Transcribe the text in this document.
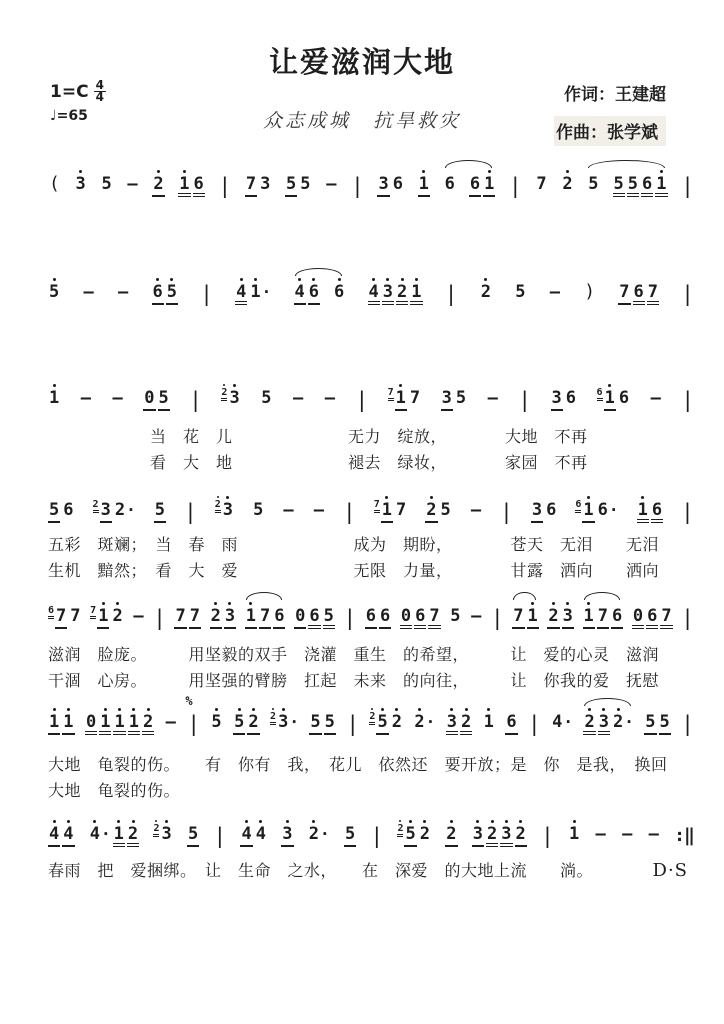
让爱滋润大地
$1=C \frac{4}{4}$
♩=65	众志成城　抗旱救灾
作词：王建超
作曲：张学斌
( 3 5 – 2 1 6 | 7 3 5 5 – | 3 6 1 6 6 1 | 7 2 5 5 5 6 1 |
5 – – 6 5 | 4 1 · 4 6 6 4 3 2 1 | 2 5 – ) 7 6 7 |
1 – – 0 5 | 2 3 5 – – | 7 1 7 3 5 – | 3 6 6 1 6 – |
5 6 2 3 2 · 5 | 2 3 5 – – | 7 1 7 2 5 – | 3 6 6 1 6 · 1 6 |
6 7 7 7 1 2 – | 7 7 2 3 1 7 6 0 6 5 | 6 6 0 6 7 5 – | 7 1 2 3 1 7 6 0 6 7 |
1 1 0 1 1 1 2 –
%
| 5 5 2 2 3 · 5 5 | 2 5 2 2 · 3 2 1 6 | 4 · 2 3 2 · 5 5 |
4 4 4 · 1 2 2 3 5 | 4 4 3 2 · 5 | 2 5 2 2 3 2 3 2 | 1 – – – :‖
当　花　儿　　　　　　　无力　绽放，　　　　大地　不再
看　大　地　　　　　　　褪去　绿妆，　　　　家园　不再
五彩　斑斓；　当　春　雨　　　　　　　成为　期盼，　　　　苍天　无泪　　无泪
生机　黯然；　看　大　爱　　　　　　　无限　力量，　　　　甘露　洒向　　洒向
滋润　脸庞。　　　用坚毅的双手　浇灌　重生　的希望，　　　让　爱的心灵　滋润
干涸　心房。　　　用坚强的臂膀　扛起　未来　的向往，　　　让　你我的爱　抚慰
大地　龟裂的伤。　　有　你有　我，　花儿　依然还　要开放；是　你　是我，　换回
大地　龟裂的伤。
春雨　把　爱捆绑。　让　生命　之水，　　在　深爱　的大地上流　　淌。	D·S
